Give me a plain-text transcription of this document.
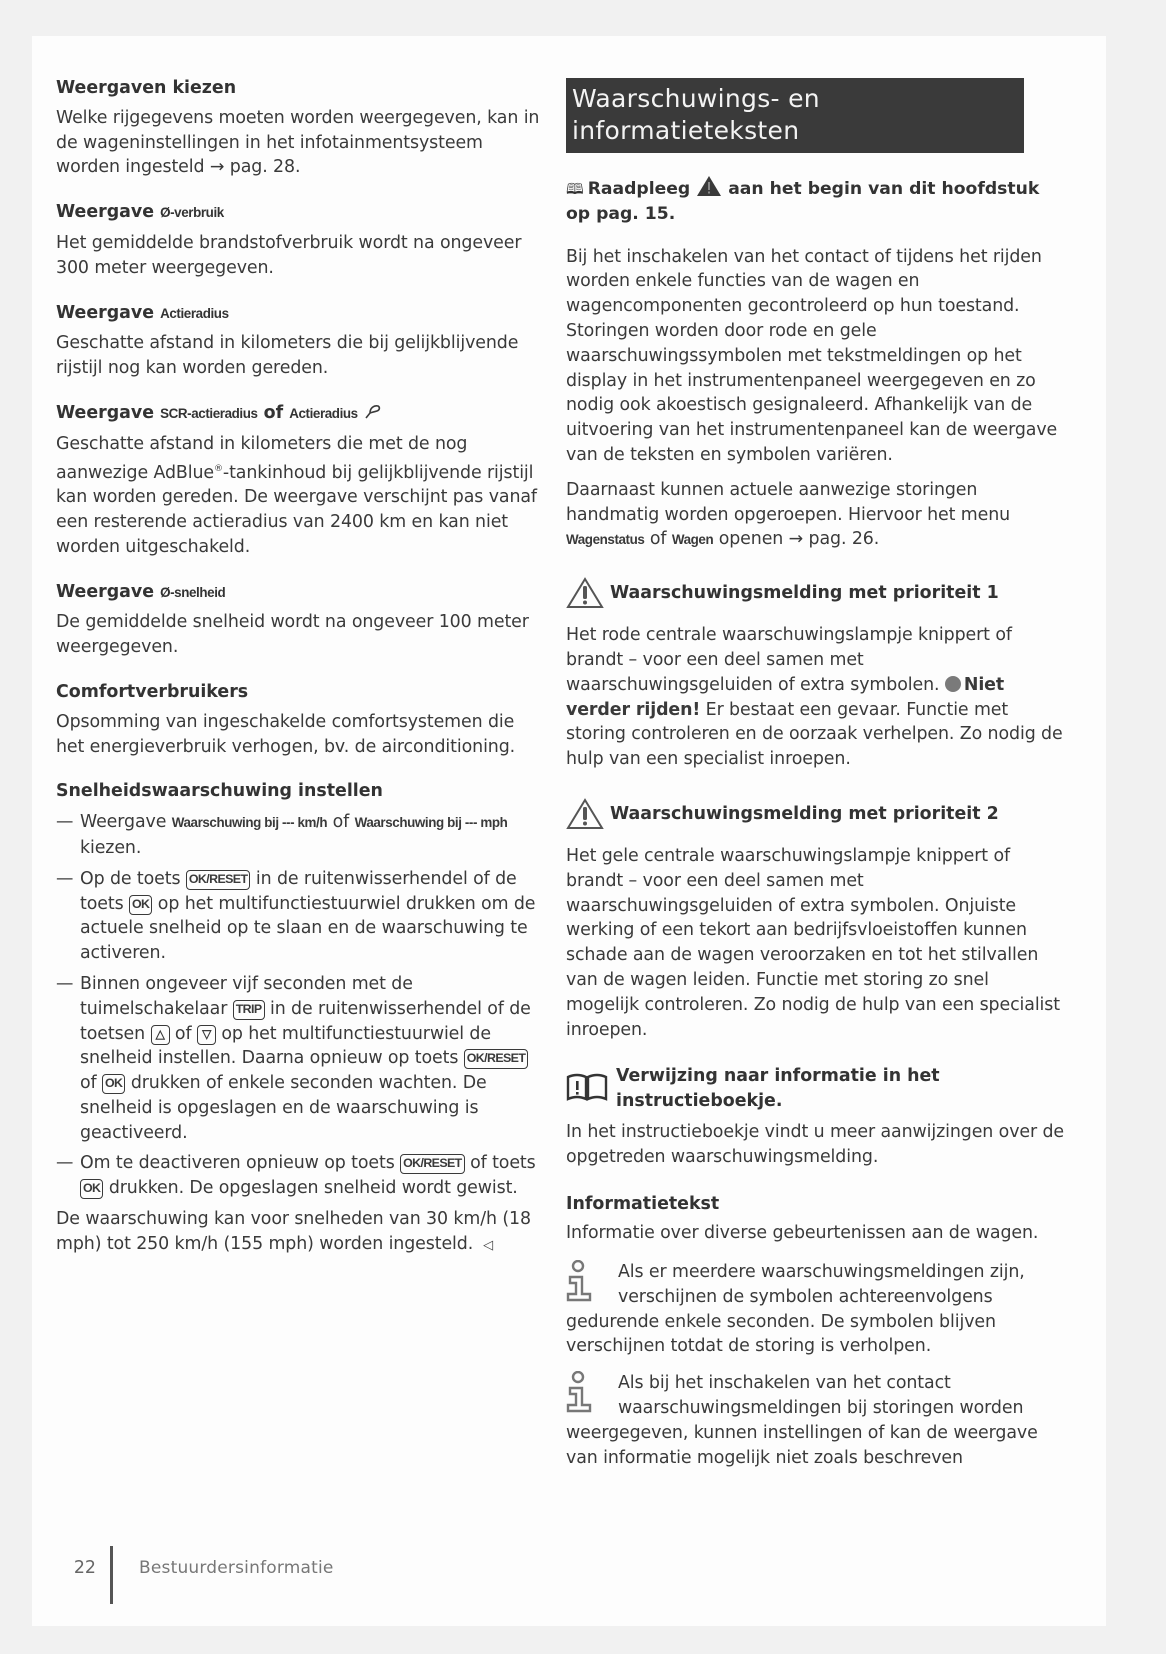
Weergaven kiezen

Welke rijgegevens moeten worden weergegeven, kan in de wageninstellingen in het infotainmentsysteem worden ingesteld → pag. 28.

Weergave Ø-verbruik

Het gemiddelde brandstofverbruik wordt na ongeveer 300 meter weergegeven.

Weergave Actieradius

Geschatte afstand in kilometers die bij gelijkblijvende rijstijl nog kan worden gereden.

Weergave SCR-actieradius of Actieradius

Geschatte afstand in kilometers die met de nog aanwezige AdBlue®-tankinhoud bij gelijkblijvende rijstijl kan worden gereden. De weergave verschijnt pas vanaf een resterende actieradius van 2400 km en kan niet worden uitgeschakeld.

Weergave Ø-snelheid

De gemiddelde snelheid wordt na ongeveer 100 meter weergegeven.

Comfortverbruikers

Opsomming van ingeschakelde comfortsystemen die het energieverbruik verhogen, bv. de airconditioning.

Snelheidswaarschuwing instellen
— Weergave Waarschuwing bij --- km/h of Waarschuwing bij --- mph kiezen.
— Op de toets OK/RESET in de ruitenwisserhendel of de toets OK op het multifunctiestuurwiel drukken om de actuele snelheid op te slaan en de waarschuwing te activeren.
— Binnen ongeveer vijf seconden met de tuimelschakelaar TRIP in de ruitenwisserhendel of de toetsen △ of ▽ op het multifunctiestuurwiel de snelheid instellen. Daarna opnieuw op toets OK/RESET of OK drukken of enkele seconden wachten. De snelheid is opgeslagen en de waarschuwing is geactiveerd.
— Om te deactiveren opnieuw op toets OK/RESET of toets OK drukken. De opgeslagen snelheid wordt gewist.

De waarschuwing kan voor snelheden van 30 km/h (18 mph) tot 250 km/h (155 mph) worden ingesteld. ◁

Waarschuwings- en informatieteksten
🕮 Raadpleeg aan het begin van dit hoofdstuk op pag. 15.

Bij het inschakelen van het contact of tijdens het rijden worden enkele functies van de wagen en wagencomponenten gecontroleerd op hun toestand. Storingen worden door rode en gele waarschuwingssymbolen met tekstmeldingen op het display in het instrumentenpaneel weergegeven en zo nodig ook akoestisch gesignaleerd. Afhankelijk van de uitvoering van het instrumentenpaneel kan de weergave van de teksten en symbolen variëren.

Daarnaast kunnen actuele aanwezige storingen handmatig worden opgeroepen. Hiervoor het menu Wagenstatus of Wagen openen → pag. 26.

Waarschuwingsmelding met prioriteit 1

Het rode centrale waarschuwingslampje knippert of brandt – voor een deel samen met waarschuwingsgeluiden of extra symbolen. Niet verder rijden! Er bestaat een gevaar. Functie met storing controleren en de oorzaak verhelpen. Zo nodig de hulp van een specialist inroepen.

Waarschuwingsmelding met prioriteit 2

Het gele centrale waarschuwingslampje knippert of brandt – voor een deel samen met waarschuwingsgeluiden of extra symbolen. Onjuiste werking of een tekort aan bedrijfsvloeistoffen kunnen schade aan de wagen veroorzaken en tot het stilvallen van de wagen leiden. Functie met storing zo snel mogelijk controleren. Zo nodig de hulp van een specialist inroepen.

Verwijzing naar informatie in het instructieboekje.

In het instructieboekje vindt u meer aanwijzingen over de opgetreden waarschuwingsmelding.

Informatietekst

Informatie over diverse gebeurtenissen aan de wagen.

Als er meerdere waarschuwingsmeldingen zijn, verschijnen de symbolen achtereenvolgens gedurende enkele seconden. De symbolen blijven verschijnen totdat de storing is verholpen.

Als bij het inschakelen van het contact waarschuwingsmeldingen bij storingen worden weergegeven, kunnen instellingen of kan de weergave van informatie mogelijk niet zoals beschreven

22	Bestuurdersinformatie
